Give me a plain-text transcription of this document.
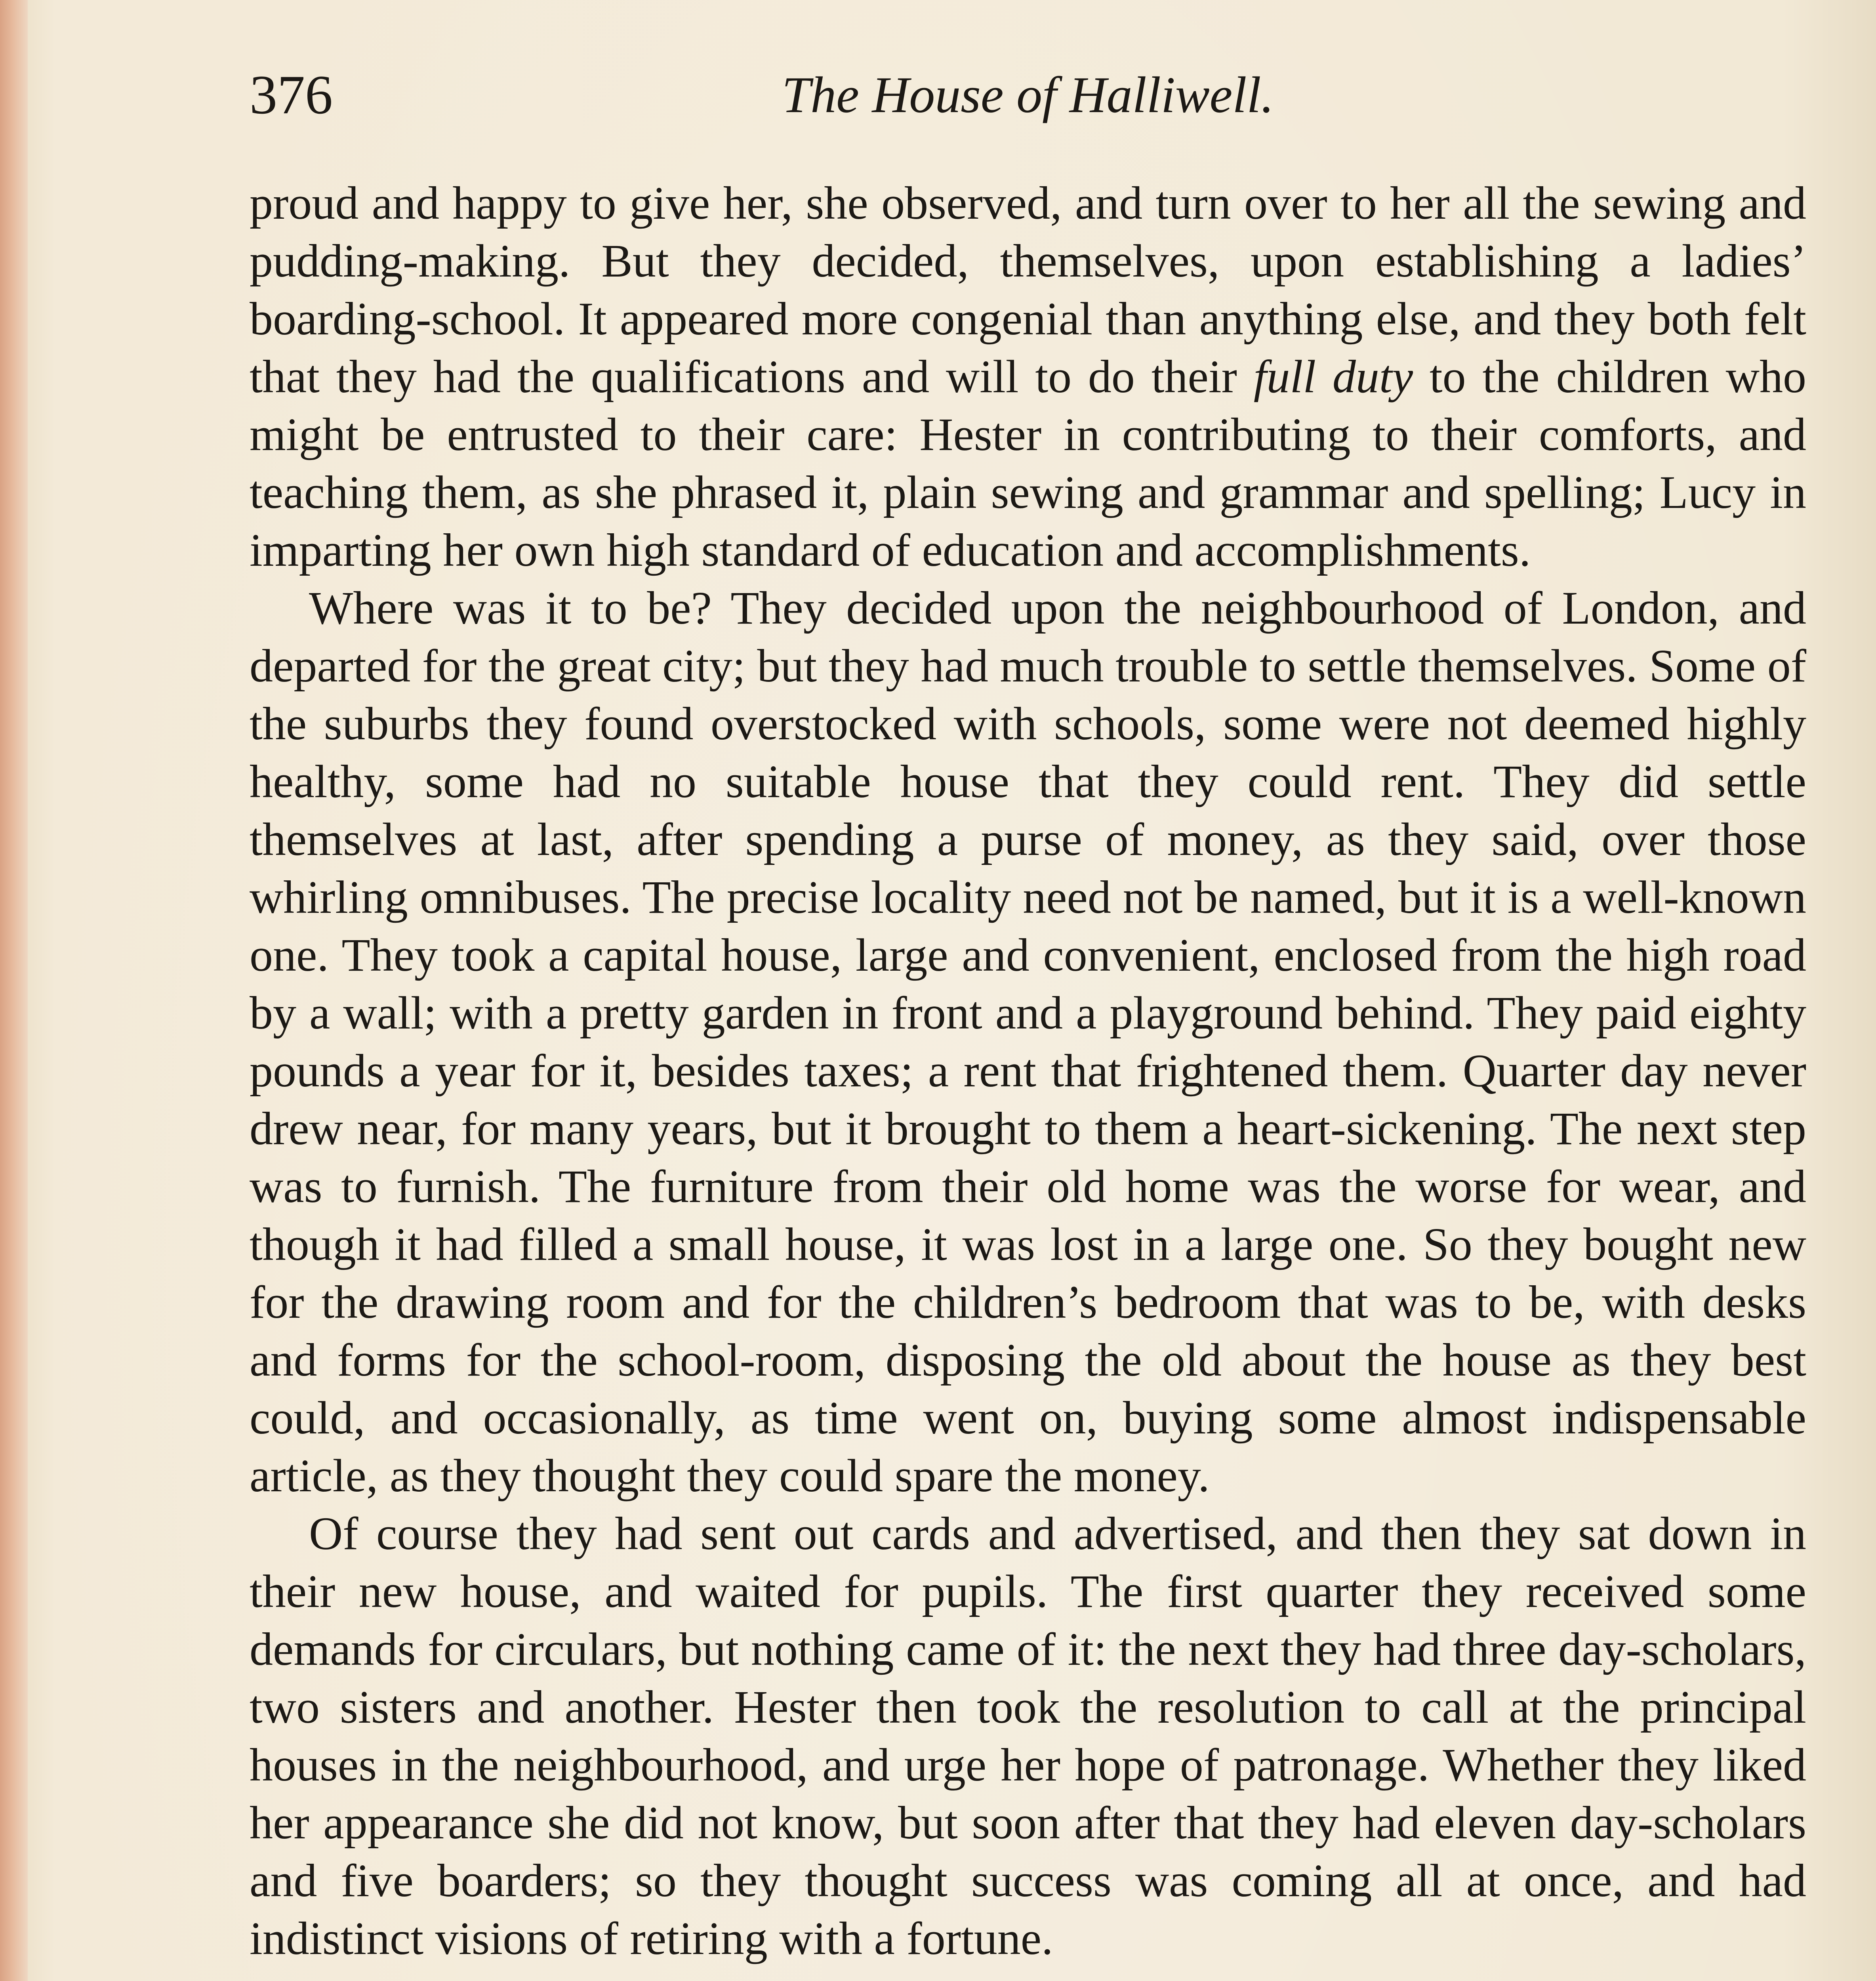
376	The House of Halliwell.

proud and happy to give her, she observed, and turn over to her all the sewing and pudding-making. But they decided, themselves, upon establishing a ladies’ boarding-school. It appeared more congenial than anything else, and they both felt that they had the qualifications and will to do their full duty to the children who might be entrusted to their care: Hester in contributing to their comforts, and teaching them, as she phrased it, plain sewing and grammar and spelling; Lucy in imparting her own high standard of education and accomplishments.

Where was it to be? They decided upon the neighbourhood of London, and departed for the great city; but they had much trouble to settle themselves. Some of the suburbs they found overstocked with schools, some were not deemed highly healthy, some had no suitable house that they could rent. They did settle themselves at last, after spending a purse of money, as they said, over those whirling omnibuses. The precise locality need not be named, but it is a well-known one. They took a capital house, large and convenient, enclosed from the high road by a wall; with a pretty garden in front and a playground behind. They paid eighty pounds a year for it, besides taxes; a rent that frightened them. Quarter day never drew near, for many years, but it brought to them a heart-sickening. The next step was to furnish. The furniture from their old home was the worse for wear, and though it had filled a small house, it was lost in a large one. So they bought new for the drawing room and for the children’s bedroom that was to be, with desks and forms for the school-room, disposing the old about the house as they best could, and occasionally, as time went on, buying some almost indispensable article, as they thought they could spare the money.

Of course they had sent out cards and advertised, and then they sat down in their new house, and waited for pupils. The first quarter they received some demands for circulars, but nothing came of it: the next they had three day-scholars, two sisters and another. Hester then took the resolution to call at the principal houses in the neighbourhood, and urge her hope of patronage. Whether they liked her appearance she did not know, but soon after that they had eleven day-scholars and five boarders; so they thought success was coming all at once, and had indistinct visions of retiring with a fortune.
